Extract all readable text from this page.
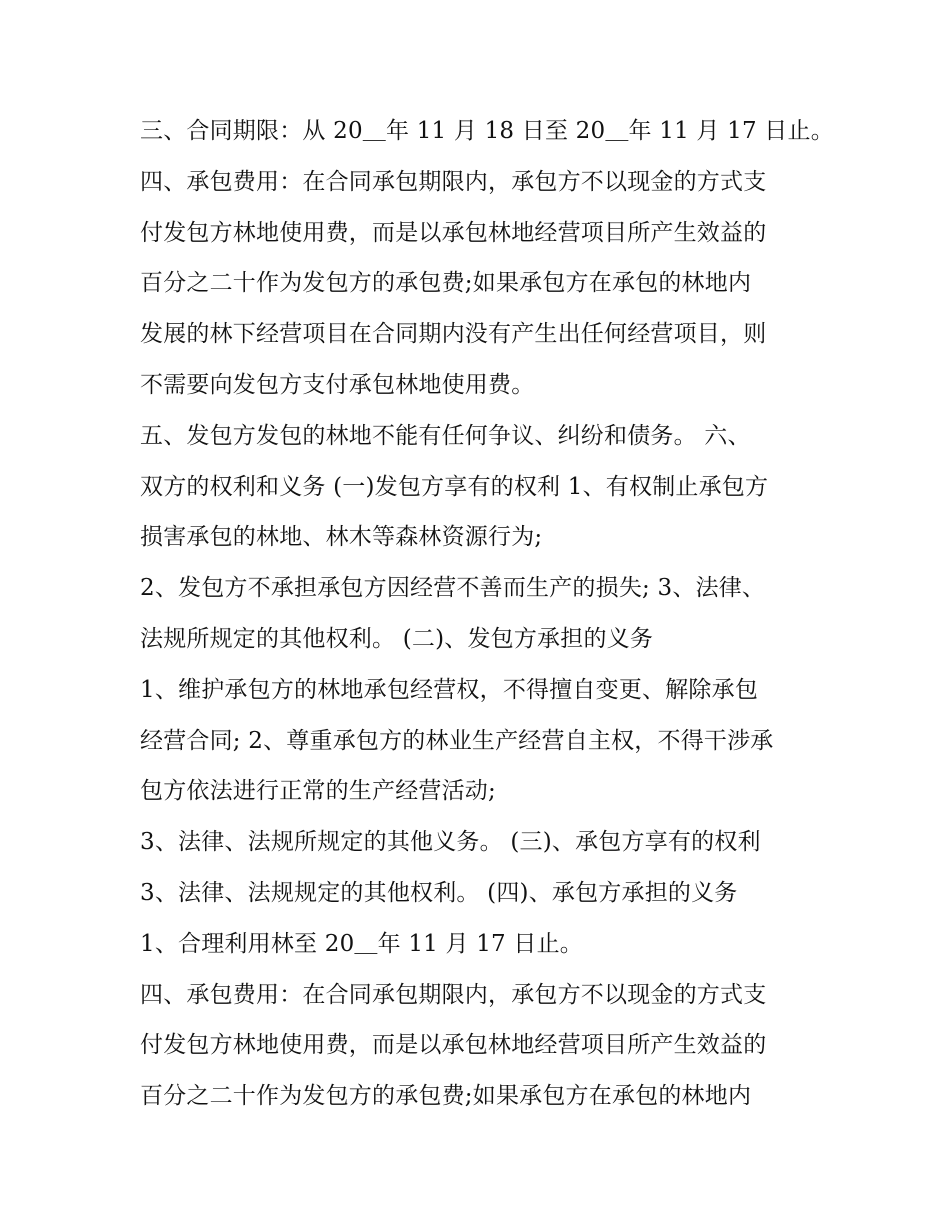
三、合同期限：从 20＿年 11 月 18 日至 20＿年 11 月 17 日止。
四、承包费用：在合同承包期限内，承包方不以现金的方式支
付发包方林地使用费，而是以承包林地经营项目所产生效益的
百分之二十作为发包方的承包费;如果承包方在承包的林地内
发展的林下经营项目在合同期内没有产生出任何经营项目，则
不需要向发包方支付承包林地使用费。
五、发包方发包的林地不能有任何争议、纠纷和债务。 六、
双方的权利和义务 (一)发包方享有的权利 1、有权制止承包方
损害承包的林地、林木等森林资源行为;
2、发包方不承担承包方因经营不善而生产的损失; 3、法律、
法规所规定的其他权利。 (二)、发包方承担的义务
1、维护承包方的林地承包经营权，不得擅自变更、解除承包
经营合同; 2、尊重承包方的林业生产经营自主权，不得干涉承
包方依法进行正常的生产经营活动;
3、法律、法规所规定的其他义务。 (三)、承包方享有的权利
3、法律、法规规定的其他权利。 (四)、承包方承担的义务
1、合理利用林至 20＿年 11 月 17 日止。
四、承包费用：在合同承包期限内，承包方不以现金的方式支
付发包方林地使用费，而是以承包林地经营项目所产生效益的
百分之二十作为发包方的承包费;如果承包方在承包的林地内
